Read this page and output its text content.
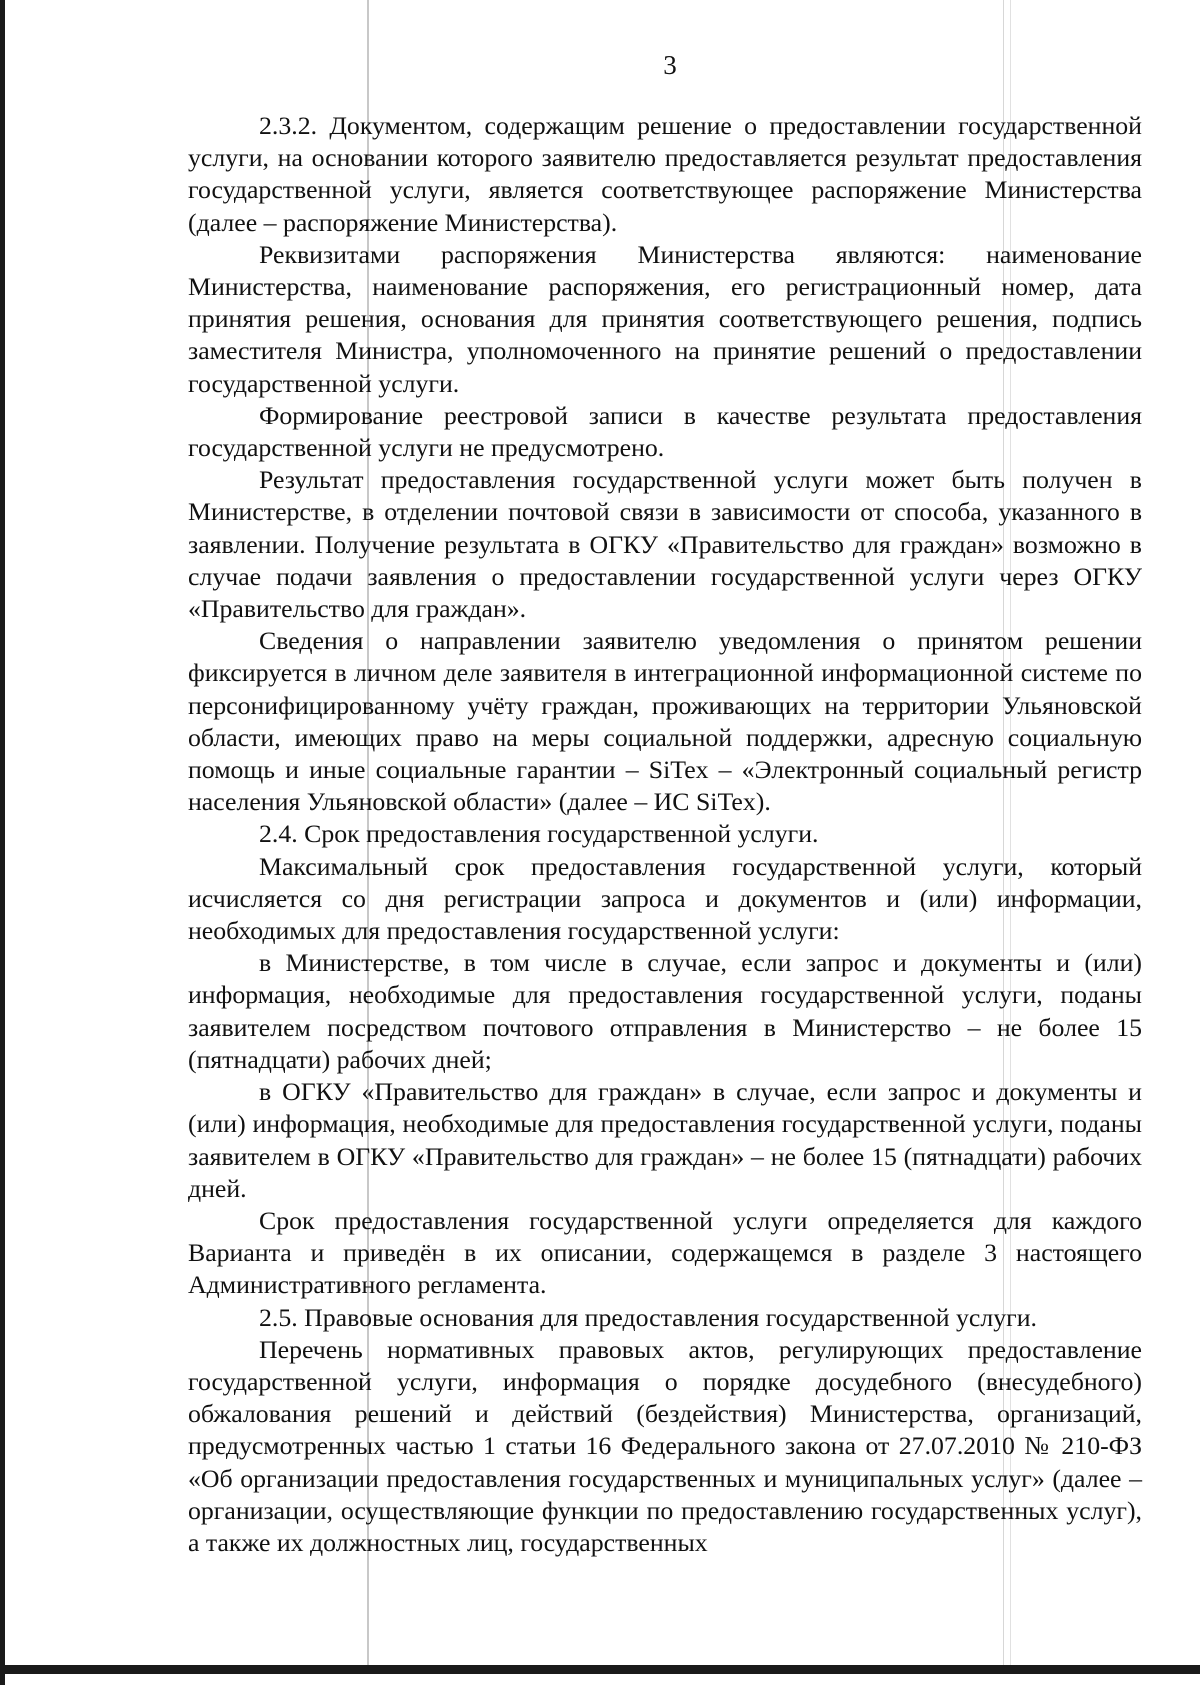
3

2.3.2. Документом, содержащим решение о предоставлении государственной услуги, на основании которого заявителю предоставляется результат предоставления государственной услуги, является соответствующее распоряжение Министерства (далее – распоряжение Министерства).

Реквизитами распоряжения Министерства являются: наименование Министерства, наименование распоряжения, его регистрационный номер, дата принятия решения, основания для принятия соответствующего решения, подпись заместителя Министра, уполномоченного на принятие решений о предоставлении государственной услуги.

Формирование реестровой записи в качестве результата предоставления государственной услуги не предусмотрено.

Результат предоставления государственной услуги может быть получен в Министерстве, в отделении почтовой связи в зависимости от способа, указанного в заявлении. Получение результата в ОГКУ «Правительство для граждан» возможно в случае подачи заявления о предоставлении государственной услуги через ОГКУ «Правительство для граждан».

Сведения о направлении заявителю уведомления о принятом решении фиксируется в личном деле заявителя в интеграционной информационной системе по персонифицированному учёту граждан, проживающих на территории Ульяновской области, имеющих право на меры социальной поддержки, адресную социальную помощь и иные социальные гарантии – SiTex – «Электронный социальный регистр населения Ульяновской области» (далее – ИС SiTex).

2.4. Срок предоставления государственной услуги.

Максимальный срок предоставления государственной услуги, который исчисляется со дня регистрации запроса и документов и (или) информации, необходимых для предоставления государственной услуги:

в Министерстве, в том числе в случае, если запрос и документы и (или) информация, необходимые для предоставления государственной услуги, поданы заявителем посредством почтового отправления в Министерство – не более 15 (пятнадцати) рабочих дней;

в ОГКУ «Правительство для граждан» в случае, если запрос и документы и (или) информация, необходимые для предоставления государственной услуги, поданы заявителем в ОГКУ «Правительство для граждан» – не более 15 (пятнадцати) рабочих дней.

Срок предоставления государственной услуги определяется для каждого Варианта и приведён в их описании, содержащемся в разделе 3 настоящего Административного регламента.

2.5. Правовые основания для предоставления государственной услуги.

Перечень нормативных правовых актов, регулирующих предоставление государственной услуги, информация о порядке досудебного (внесудебного) обжалования решений и действий (бездействия) Министерства, организаций, предусмотренных частью 1 статьи 16 Федерального закона от 27.07.2010 № 210-ФЗ «Об организации предоставления государственных и муниципальных услуг» (далее – организации, осуществляющие функции по предоставлению государственных услуг), а также их должностных лиц, государственных
